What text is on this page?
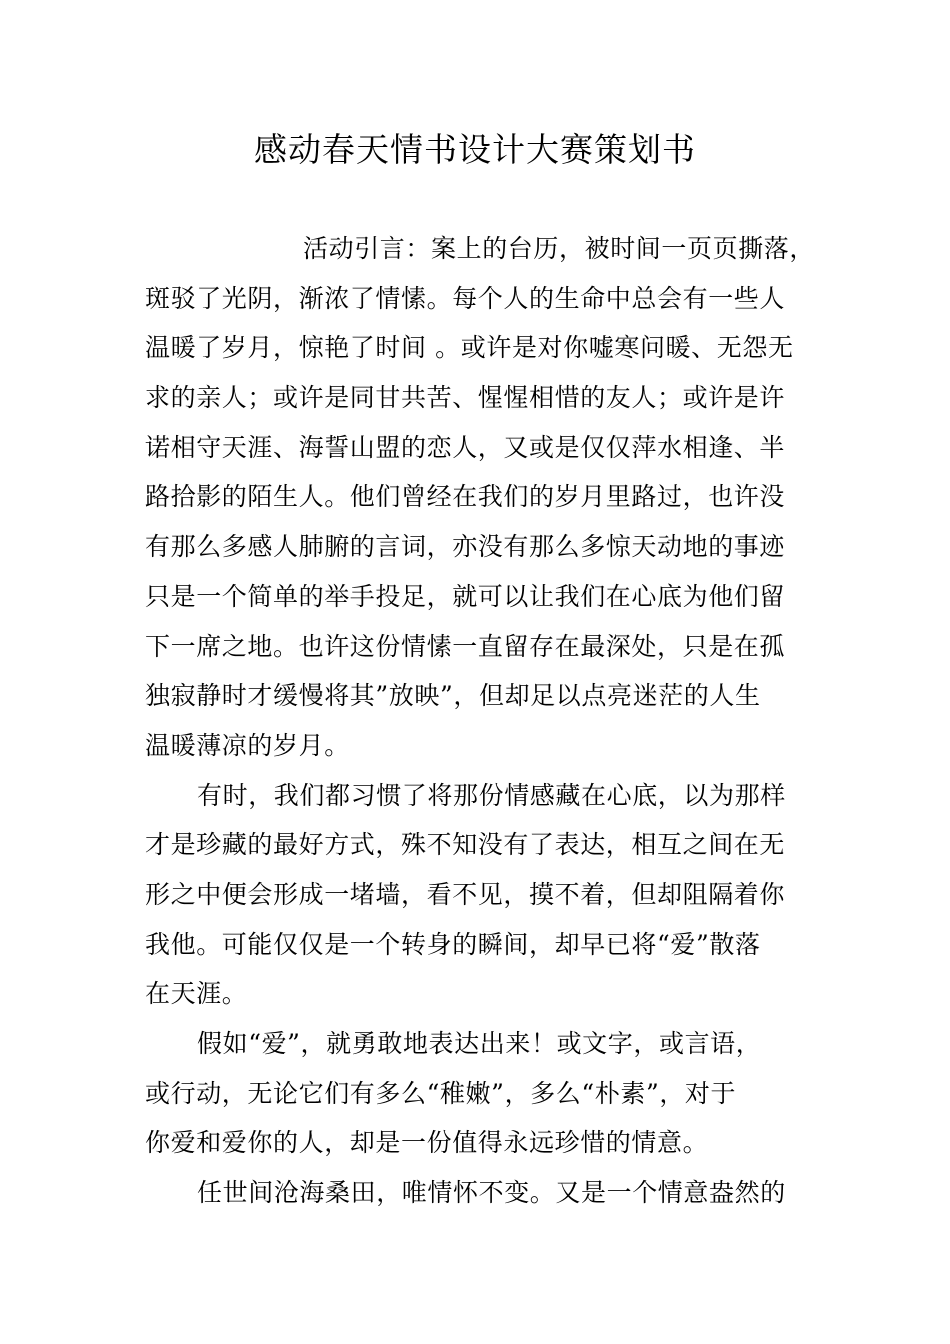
感动春天情书设计大赛策划书

活动引言：案上的台历，被时间一页页撕落，
斑驳了光阴，渐浓了情愫。每个人的生命中总会有一些人
温暖了岁月，惊艳了时间 。或许是对你嘘寒问暖、无怨无
求的亲人；或许是同甘共苦、惺惺相惜的友人；或许是许
诺相守天涯、海誓山盟的恋人，又或是仅仅萍水相逢、半
路拾影的陌生人。他们曾经在我们的岁月里路过，也许没
有那么多感人肺腑的言词，亦没有那么多惊天动地的事迹
只是一个简单的举手投足，就可以让我们在心底为他们留
下一席之地。也许这份情愫一直留存在最深处，只是在孤
独寂静时才缓慢将其”放映”，但却足以点亮迷茫的人生
温暖薄凉的岁月。

有时，我们都习惯了将那份情感藏在心底，以为那样
才是珍藏的最好方式，殊不知没有了表达，相互之间在无
形之中便会形成一堵墙，看不见，摸不着，但却阻隔着你
我他。可能仅仅是一个转身的瞬间，却早已将“爱”散落
在天涯。

假如“爱”，就勇敢地表达出来！或文字，或言语，
或行动，无论它们有多么“稚嫩”，多么“朴素”，对于
你爱和爱你的人，却是一份值得永远珍惜的情意。

任世间沧海桑田，唯情怀不变。又是一个情意盎然的
